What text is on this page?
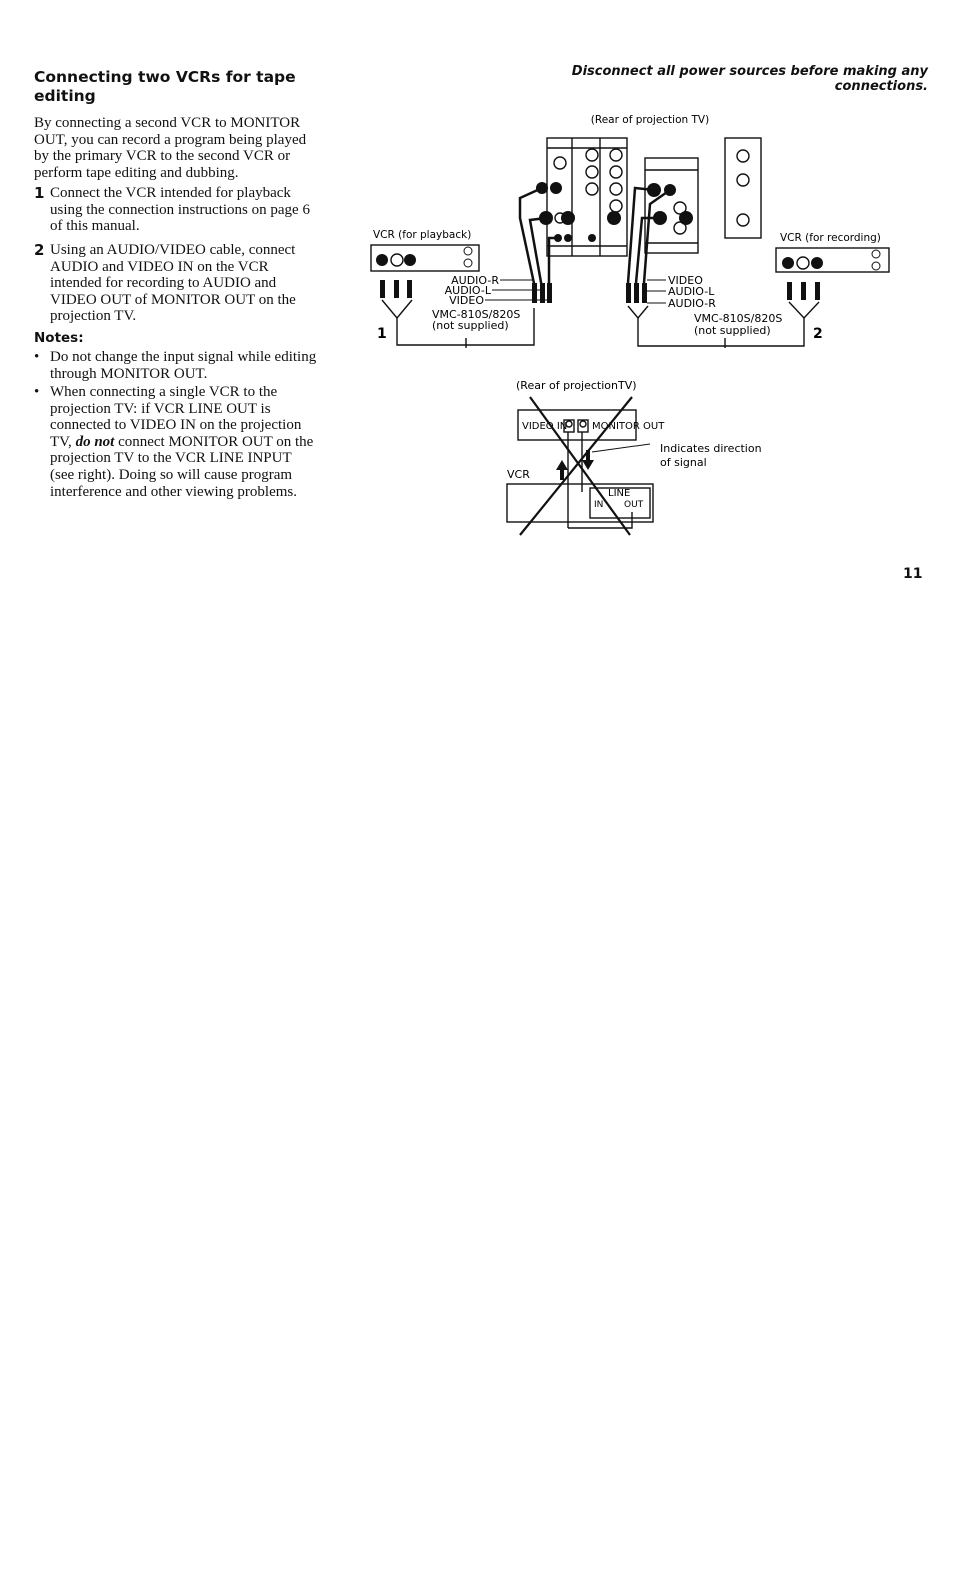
Connecting two VCRs for tape editing
Disconnect all power sources before making any connections.
By connecting a second VCR to MONITOR OUT, you can record a program being played by the primary VCR to the second VCR or perform tape editing and dubbing.
1 Connect the VCR intended for playback using the connection instructions on page 6 of this manual.
2 Using an AUDIO/VIDEO cable, connect AUDIO and VIDEO IN on the VCR intended for recording to AUDIO and VIDEO OUT of MONITOR OUT on the projection TV.
Notes:
• Do not change the input signal while editing through MONITOR OUT.
• When connecting a single VCR to the projection TV: if VCR LINE OUT is connected to VIDEO IN on the projection TV, do not connect MONITOR OUT on the projection TV to the VCR LINE INPUT (see right). Doing so will cause program interference and other viewing problems.
11
(Rear of projection TV)
VCR (for playback)	VCR (for recording)
AUDIO-R
AUDIO-L
VIDEO
VIDEO
AUDIO-L
AUDIO-R
VMC-810S/820S
(not supplied)
VMC-810S/820S
(not supplied)
1	2
(Rear of projectionTV)
VIDEO IN MONITOR OUT
VCR
LINE
IN OUT
Indicates direction
of signal
